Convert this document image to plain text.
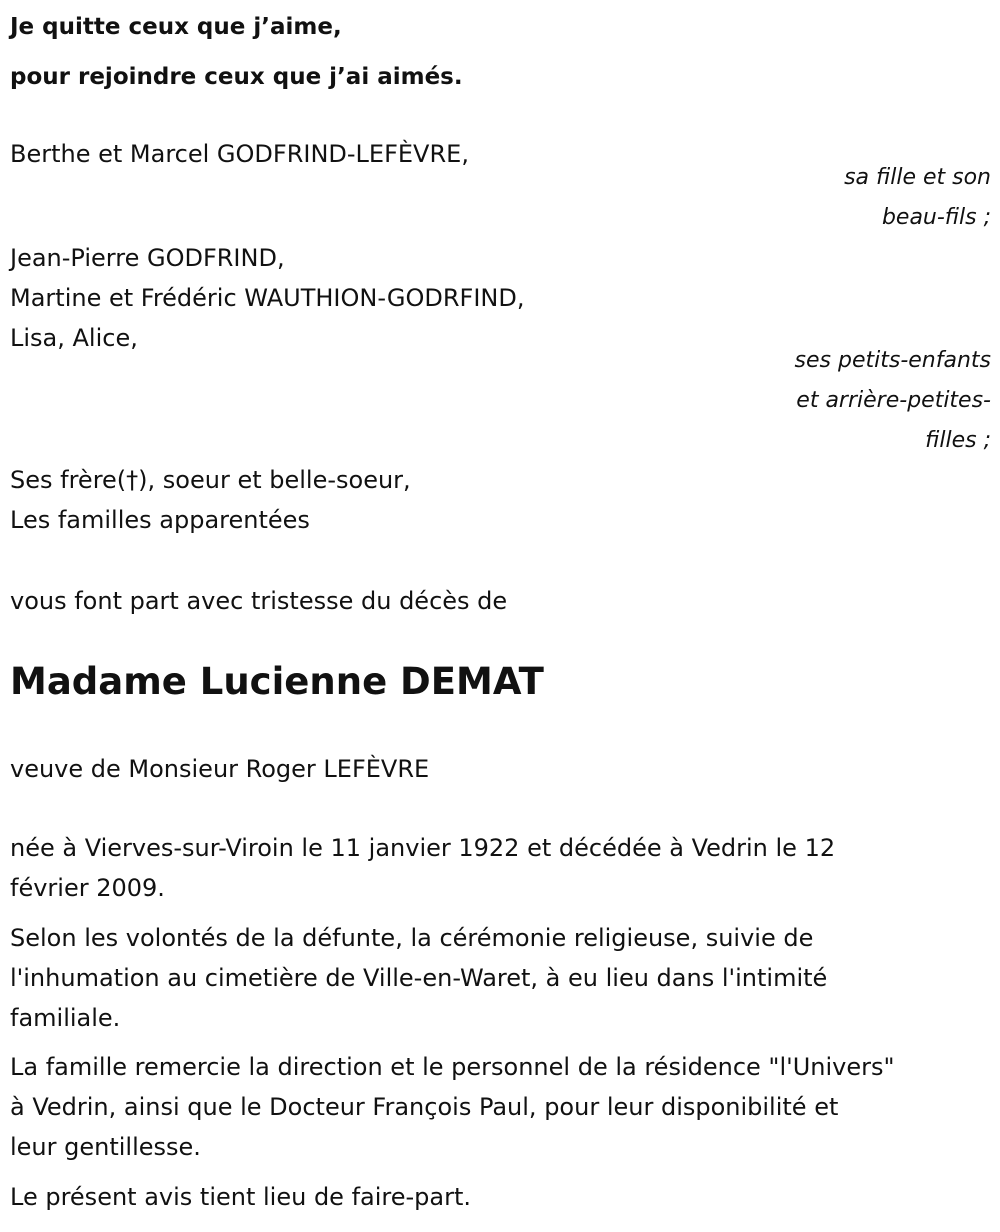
Je quitte ceux que j’aime,

pour rejoindre ceux que j’ai aimés.

Berthe et Marcel GODFRIND-LEFÈVRE,

sa fille et son

beau-fils ;

Jean-Pierre GODFRIND,

Martine et Frédéric WAUTHION-GODRFIND,

Lisa, Alice,

ses petits-enfants

et arrière-petites-

filles ;

Ses frère(†), soeur et belle-soeur,

Les familles apparentées

vous font part avec tristesse du décès de

Madame Lucienne DEMAT

veuve de Monsieur Roger LEFÈVRE

née à Vierves-sur-Viroin le 11 janvier 1922 et décédée à Vedrin le 12

février 2009.

Selon les volontés de la défunte, la cérémonie religieuse, suivie de

l'inhumation au cimetière de Ville-en-Waret, à eu lieu dans l'intimité

familiale.

La famille remercie la direction et le personnel de la résidence "l'Univers"

à Vedrin, ainsi que le Docteur François Paul, pour leur disponibilité et

leur gentillesse.

Le présent avis tient lieu de faire-part.
